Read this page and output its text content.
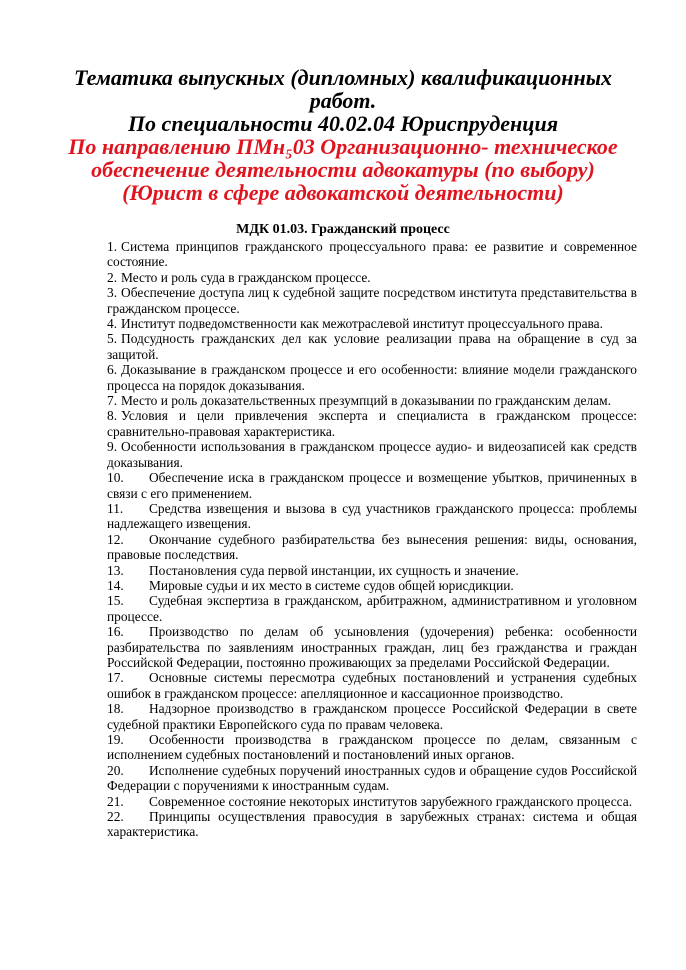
Тематика выпускных (дипломных) квалификационных
работ.
По специальности 40.02.04 Юриспруденция
По направлению ПМн₅03 Организационно- техническое
обеспечение деятельности адвокатуры (по выбору)
(Юрист в сфере адвокатской деятельности)
МДК 01.03. Гражданский процесс
1. Система принципов гражданского процессуального права: ее развитие и современное состояние.
2. Место и роль суда в гражданском процессе.
3. Обеспечение доступа лиц к судебной защите посредством института представительства в гражданском процессе.
4. Институт подведомственности как межотраслевой институт процессуального права.
5. Подсудность гражданских дел как условие реализации права на обращение в суд за защитой.
6. Доказывание в гражданском процессе и его особенности: влияние модели гражданского процесса на порядок доказывания.
7. Место и роль доказательственных презумпций в доказывании по гражданским делам.
8. Условия и цели привлечения эксперта и специалиста в гражданском процессе: сравнительно-правовая характеристика.
9. Особенности использования в гражданском процессе аудио- и видеозаписей как средств доказывания.
10. Обеспечение иска в гражданском процессе и возмещение убытков, причиненных в связи с его применением.
11. Средства извещения и вызова в суд участников гражданского процесса: проблемы надлежащего извещения.
12. Окончание судебного разбирательства без вынесения решения: виды, основания, правовые последствия.
13. Постановления суда первой инстанции, их сущность и значение.
14. Мировые судьи и их место в системе судов общей юрисдикции.
15. Судебная экспертиза в гражданском, арбитражном, административном и уголовном процессе.
16. Производство по делам об усыновления (удочерения) ребенка: особенности разбирательства по заявлениям иностранных граждан, лиц без гражданства и граждан Российской Федерации, постоянно проживающих за пределами Российской Федерации.
17. Основные системы пересмотра судебных постановлений и устранения судебных ошибок в гражданском процессе: апелляционное и кассационное производство.
18. Надзорное производство в гражданском процессе Российской Федерации в свете судебной практики Европейского суда по правам человека.
19. Особенности производства в гражданском процессе по делам, связанным с исполнением судебных постановлений и постановлений иных органов.
20. Исполнение судебных поручений иностранных судов и обращение судов Российской Федерации с поручениями к иностранным судам.
21. Современное состояние некоторых институтов зарубежного гражданского процесса.
22. Принципы осуществления правосудия в зарубежных странах: система и общая характеристика.
